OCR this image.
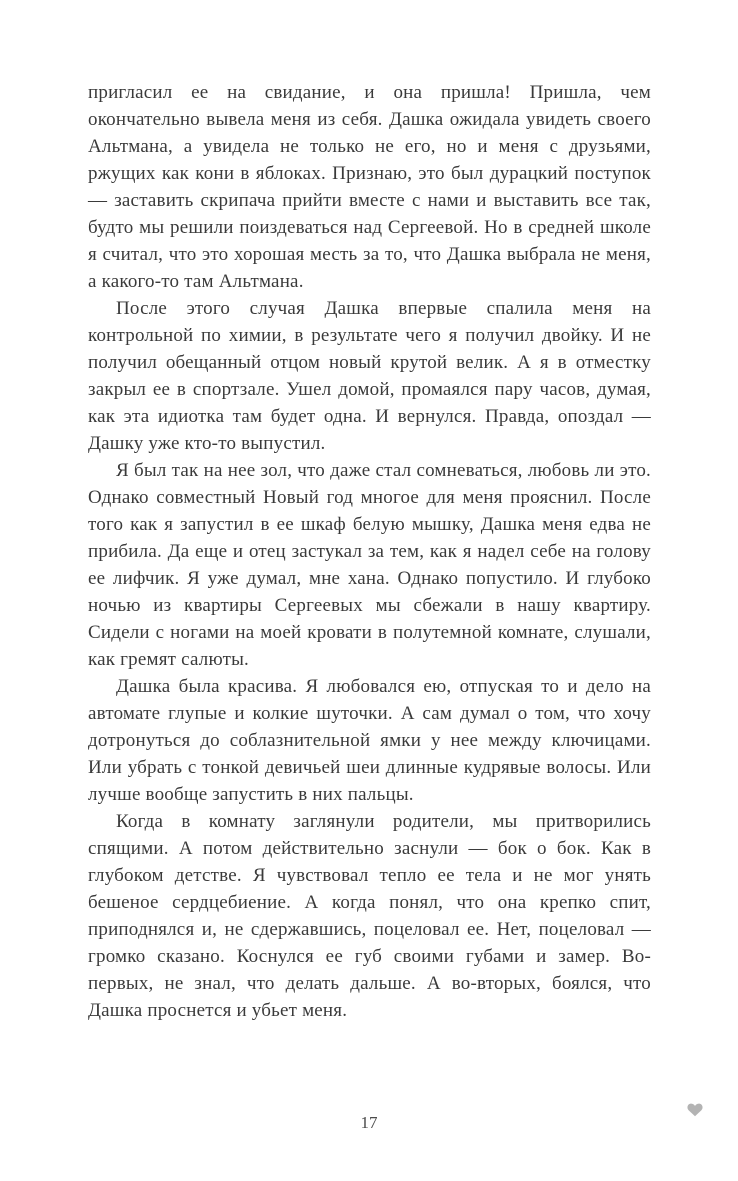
пригласил ее на свидание, и она пришла! Пришла, чем окончательно вывела меня из себя. Дашка ожидала увидеть своего Альтмана, а увидела не только не его, но и меня с друзьями, ржущих как кони в яблоках. Признаю, это был дурацкий поступок — заставить скрипача прийти вместе с нами и выставить все так, будто мы решили поиздеваться над Сергеевой. Но в средней школе я считал, что это хорошая месть за то, что Дашка выбрала не меня, а какого-то там Альтмана.

После этого случая Дашка впервые спалила меня на контрольной по химии, в результате чего я получил двойку. И не получил обещанный отцом новый крутой велик. А я в отместку закрыл ее в спортзале. Ушел домой, промаялся пару часов, думая, как эта идиотка там будет одна. И вернулся. Правда, опоздал — Дашку уже кто-то выпустил.

Я был так на нее зол, что даже стал сомневаться, любовь ли это. Однако совместный Новый год многое для меня прояснил. После того как я запустил в ее шкаф белую мышку, Дашка меня едва не прибила. Да еще и отец застукал за тем, как я надел себе на голову ее лифчик. Я уже думал, мне хана. Однако попустило. И глубоко ночью из квартиры Сергеевых мы сбежали в нашу квартиру. Сидели с ногами на моей кровати в полутемной комнате, слушали, как гремят салюты.

Дашка была красива. Я любовался ею, отпуская то и дело на автомате глупые и колкие шуточки. А сам думал о том, что хочу дотронуться до соблазнительной ямки у нее между ключицами. Или убрать с тонкой девичьей шеи длинные кудрявые волосы. Или лучше вообще запустить в них пальцы.

Когда в комнату заглянули родители, мы притворились спящими. А потом действительно заснули — бок о бок. Как в глубоком детстве. Я чувствовал тепло ее тела и не мог унять бешеное сердцебиение. А когда понял, что она крепко спит, приподнялся и, не сдержавшись, поцеловал ее. Нет, поцеловал — громко сказано. Коснулся ее губ своими губами и замер. Во-первых, не знал, что делать дальше. А во-вторых, боялся, что Дашка проснется и убьет меня.

17
